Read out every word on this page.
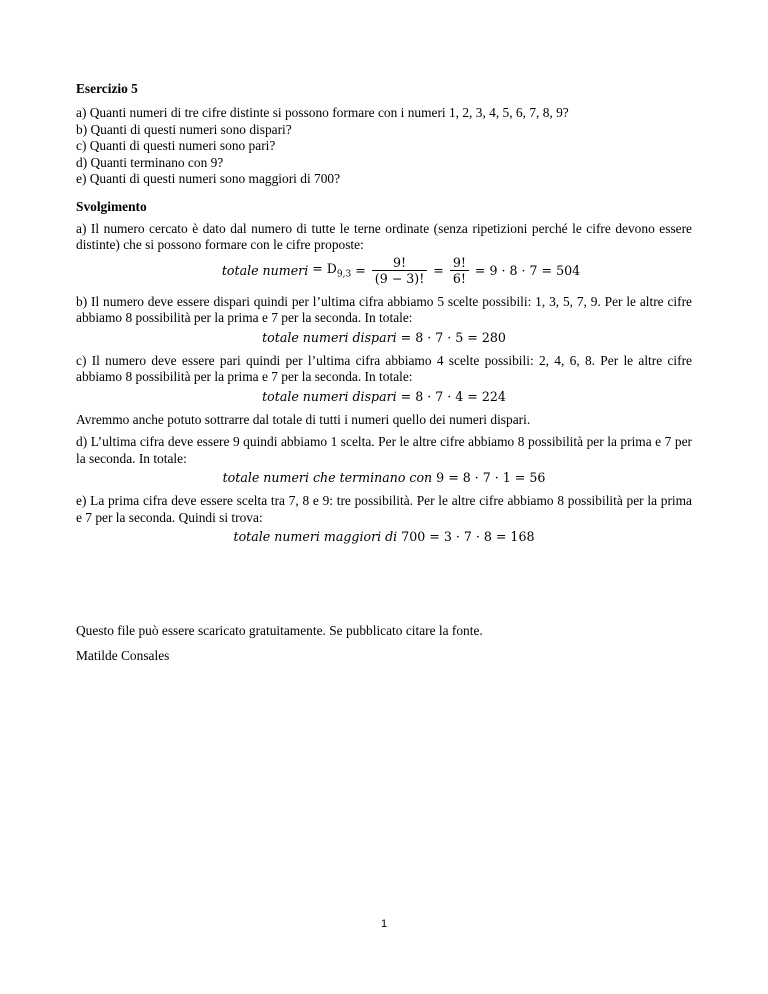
Esercizio 5

a) Quanti numeri di tre cifre distinte si possono formare con i numeri 1, 2, 3, 4, 5, 6, 7, 8, 9?

b) Quanti di questi numeri sono dispari?

c) Quanti di questi numeri sono pari?

d) Quanti terminano con 9?

e) Quanti di questi numeri sono maggiori di 700?

Svolgimento

a) Il numero cercato è dato dal numero di tutte le terne ordinate (senza ripetizioni perché le cifre devono essere distinte) che si possono formare con le cifre proposte:

totale numeri = $D_{9,3} = \frac{9!}{(9 - 3)!} = \frac{9!}{6!} = 9 \cdot 8 \cdot 7 = 504$

b) Il numero deve essere dispari quindi per l’ultima cifra abbiamo 5 scelte possibili: 1, 3, 5, 7, 9. Per le altre cifre abbiamo 8 possibilità per la prima e 7 per la seconda. In totale:

totale numeri dispari = 8 · 7 · 5 = 280

c) Il numero deve essere pari quindi per l’ultima cifra abbiamo 4 scelte possibili: 2, 4, 6, 8. Per le altre cifre abbiamo 8 possibilità per la prima e 7 per la seconda. In totale:

totale numeri dispari = 8 · 7 · 4 = 224

Avremmo anche potuto sottrarre dal totale di tutti i numeri quello dei numeri dispari.

d) L’ultima cifra deve essere 9 quindi abbiamo 1 scelta. Per le altre cifre abbiamo 8 possibilità per la prima e 7 per la seconda. In totale:

totale numeri che terminano con 9 = 8 · 7 · 1 = 56

e) La prima cifra deve essere scelta tra 7, 8 e 9: tre possibilità. Per le altre cifre abbiamo 8 possibilità per la prima e 7 per la seconda. Quindi si trova:

totale numeri maggiori di 700 = 3 · 7 · 8 = 168

Questo file può essere scaricato gratuitamente. Se pubblicato citare la fonte.

Matilde Consales

1
